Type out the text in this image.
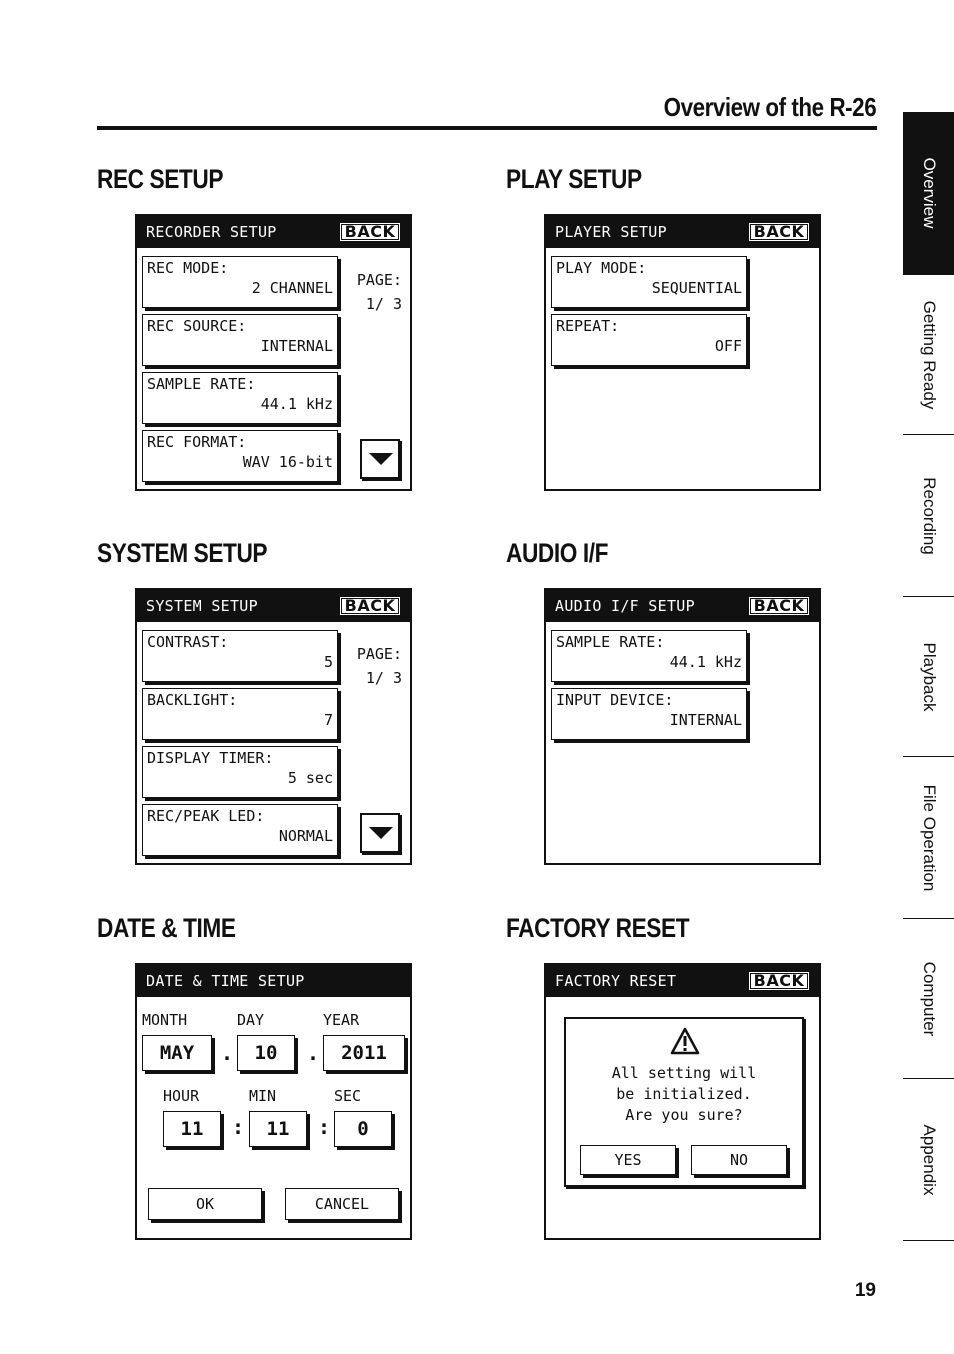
Overview of the R-26
REC SETUP
RECORDER SETUP	BACK
REC MODE:
2 CHANNEL
REC SOURCE:
INTERNAL
SAMPLE RATE:
44.1 kHz
REC FORMAT:
WAV 16-bit
PAGE:
1/ 3
PLAY SETUP
PLAYER SETUP	BACK
PLAY MODE:
SEQUENTIAL
REPEAT:
OFF
SYSTEM SETUP
SYSTEM SETUP	BACK
CONTRAST:
5
BACKLIGHT:
7
DISPLAY TIMER:
5 sec
REC/PEAK LED:
NORMAL
PAGE:
1/ 3
AUDIO I/F
AUDIO I/F SETUP	BACK
SAMPLE RATE:
44.1 kHz
INPUT DEVICE:
INTERNAL
DATE & TIME
DATE & TIME SETUP
MONTH	DAY	YEAR
MAY	.	10	.	2011
HOUR	MIN	SEC
11	:	11	:	0
OK	CANCEL
FACTORY RESET
FACTORY RESET	BACK
All setting will
be initialized.
Are you sure?
YES	NO
Overview
Getting Ready
Recording
Playback
File Operation
Computer
Appendix
19
